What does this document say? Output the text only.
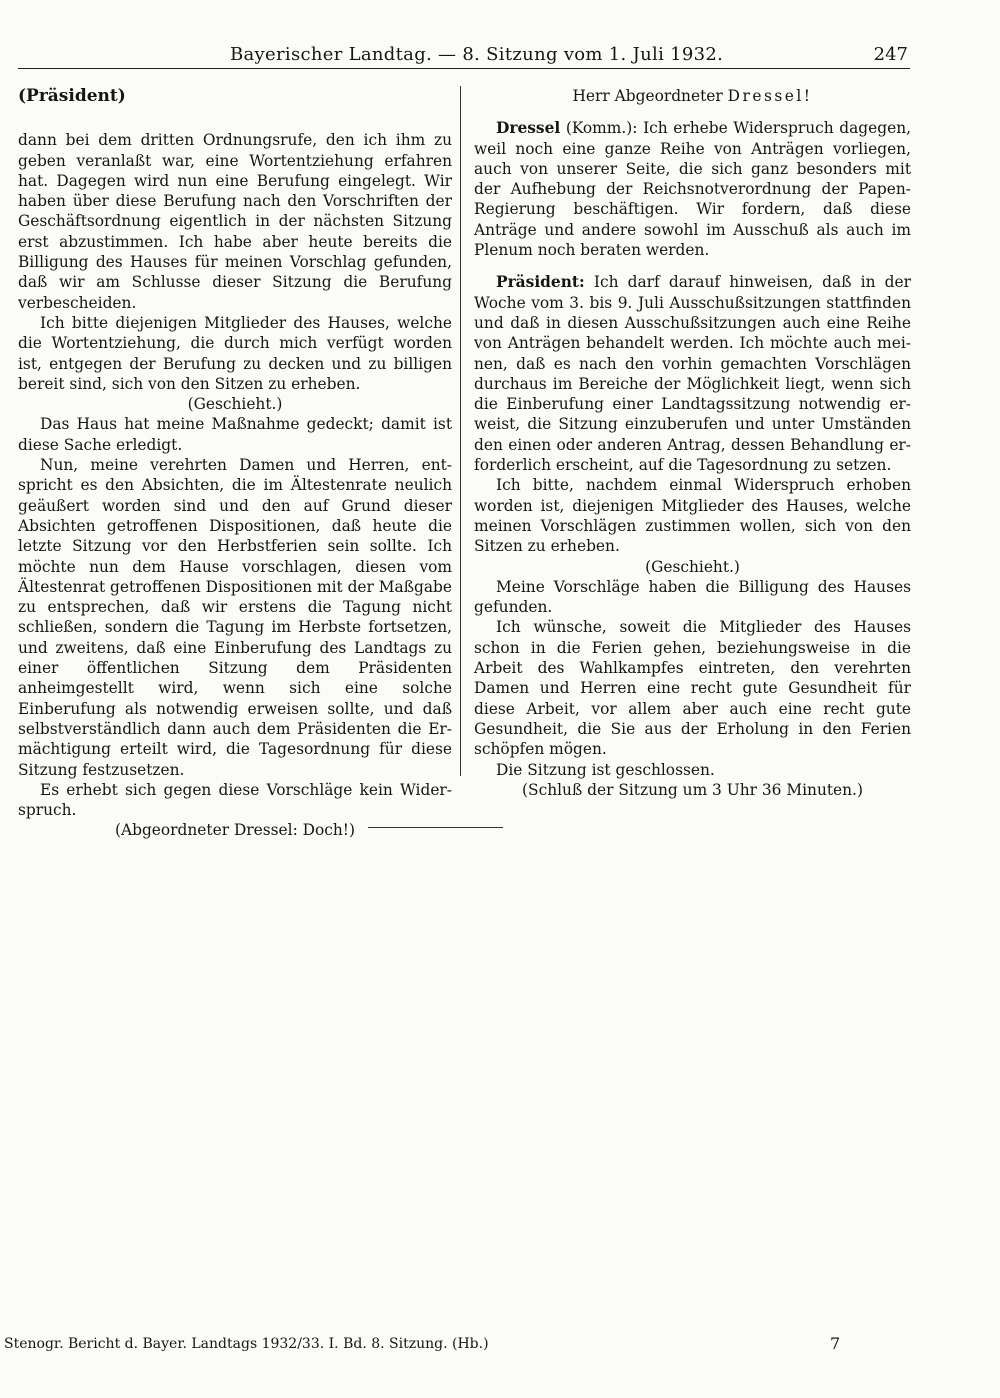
Bayerischer Landtag. — 8. Sitzung vom 1. Juli 1932.	247

(Präsident)

dann bei dem dritten Ordnungsrufe, den ich ihm zu geben veranlaßt war, eine Wortentziehung erfahren hat. Dagegen wird nun eine Berufung eingelegt. Wir haben über diese Berufung nach den Vorschriften der Geschäftsordnung eigentlich in der nächsten Sitzung erst abzustimmen. Ich habe aber heute bereits die Billigung des Hauses für meinen Vorschlag gefunden, daß wir am Schlusse dieser Sitzung die Berufung verbescheiden.

Ich bitte diejenigen Mitglieder des Hauses, welche die Wortentziehung, die durch mich verfügt worden ist, entgegen der Berufung zu decken und zu billigen bereit sind, sich von den Sitzen zu erheben.

(Geschieht.)

Das Haus hat meine Maßnahme gedeckt; damit ist diese Sache erledigt.

Nun, meine verehrten Damen und Herren, entspricht es den Absichten, die im Ältestenrate neulich geäußert worden sind und den auf Grund dieser Absichten getroffenen Dispositionen, daß heute die letzte Sitzung vor den Herbstferien sein sollte. Ich möchte nun dem Hause vorschlagen, diesen vom Ältestenrat getroffenen Dispositionen mit der Maßgabe zu entsprechen, daß wir erstens die Tagung nicht schließen, sondern die Tagung im Herbste fortsetzen, und zweitens, daß eine Einberufung des Landtags zu einer öffentlichen Sitzung dem Präsidenten anheimgestellt wird, wenn sich eine solche Einberufung als notwendig erweisen sollte, und daß selbstverständlich dann auch dem Präsidenten die Ermächtigung erteilt wird, die Tagesordnung für diese Sitzung festzusetzen.

Es erhebt sich gegen diese Vorschläge kein Widerspruch.

(Abgeordneter Dressel: Doch!)

Herr Abgeordneter Dressel!

Dressel (Komm.): Ich erhebe Widerspruch dagegen, weil noch eine ganze Reihe von Anträgen vorliegen, auch von unserer Seite, die sich ganz besonders mit der Aufhebung der Reichsnotverordnung der Papen-Regierung beschäftigen. Wir fordern, daß diese Anträge und andere sowohl im Ausschuß als auch im Plenum noch beraten werden.

Präsident: Ich darf darauf hinweisen, daß in der Woche vom 3. bis 9. Juli Ausschußsitzungen stattfinden und daß in diesen Ausschußsitzungen auch eine Reihe von Anträgen behandelt werden. Ich möchte auch meinen, daß es nach den vorhin gemachten Vorschlägen durchaus im Bereiche der Möglichkeit liegt, wenn sich die Einberufung einer Landtagssitzung notwendig erweist, die Sitzung einzuberufen und unter Umständen den einen oder anderen Antrag, dessen Behandlung erforderlich erscheint, auf die Tagesordnung zu setzen.

Ich bitte, nachdem einmal Widerspruch erhoben worden ist, diejenigen Mitglieder des Hauses, welche meinen Vorschlägen zustimmen wollen, sich von den Sitzen zu erheben.

(Geschieht.)

Meine Vorschläge haben die Billigung des Hauses gefunden.

Ich wünsche, soweit die Mitglieder des Hauses schon in die Ferien gehen, beziehungsweise in die Arbeit des Wahlkampfes eintreten, den verehrten Damen und Herren eine recht gute Gesundheit für diese Arbeit, vor allem aber auch eine recht gute Gesundheit, die Sie aus der Erholung in den Ferien schöpfen mögen.

Die Sitzung ist geschlossen.

(Schluß der Sitzung um 3 Uhr 36 Minuten.)

Stenogr. Bericht d. Bayer. Landtags 1932/33. I. Bd. 8. Sitzung. (Hb.)	7
